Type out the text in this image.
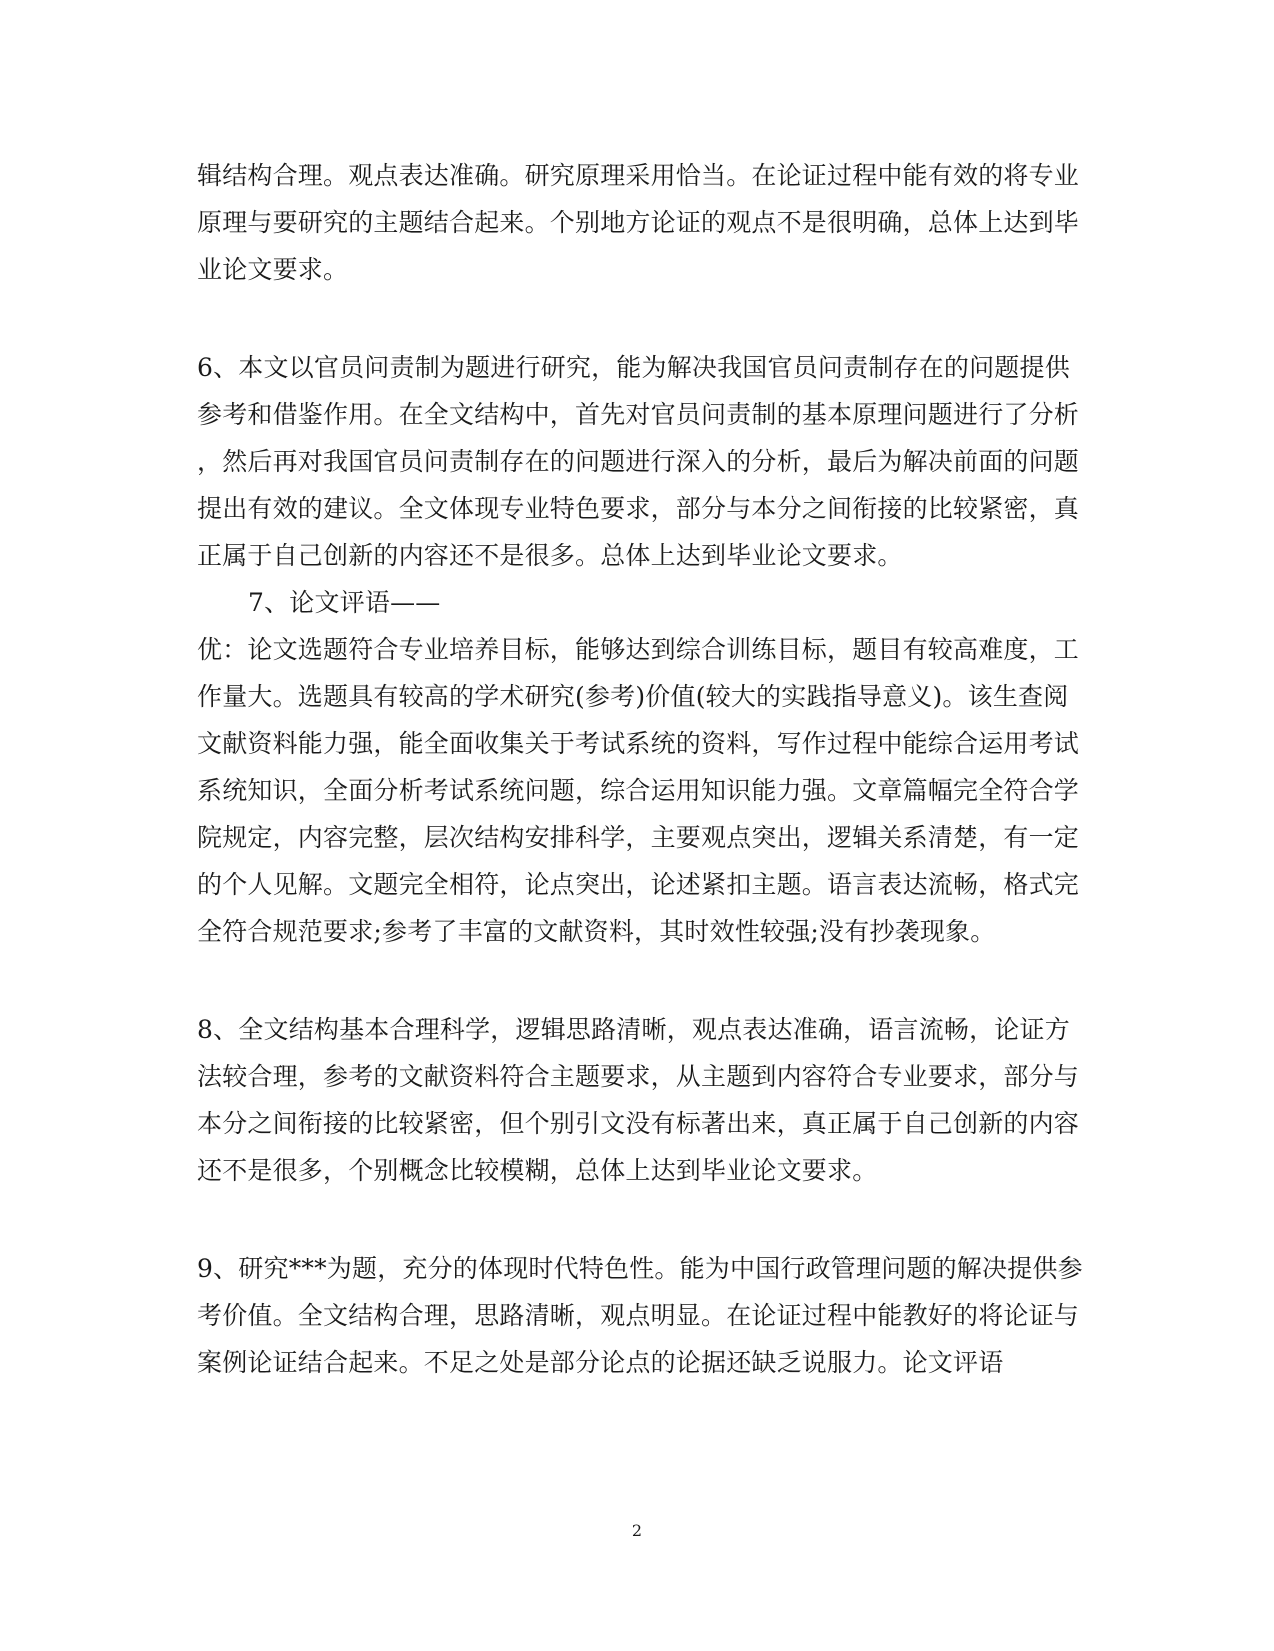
辑结构合理。观点表达准确。研究原理采用恰当。在论证过程中能有效的将专业
原理与要研究的主题结合起来。个别地方论证的观点不是很明确，总体上达到毕
业论文要求。
6、本文以官员问责制为题进行研究，能为解决我国官员问责制存在的问题提供
参考和借鉴作用。在全文结构中，首先对官员问责制的基本原理问题进行了分析
，然后再对我国官员问责制存在的问题进行深入的分析，最后为解决前面的问题
提出有效的建议。全文体现专业特色要求，部分与本分之间衔接的比较紧密，真
正属于自己创新的内容还不是很多。总体上达到毕业论文要求。
7、论文评语——
优：论文选题符合专业培养目标，能够达到综合训练目标，题目有较高难度，工
作量大。选题具有较高的学术研究(参考)价值(较大的实践指导意义)。该生查阅
文献资料能力强，能全面收集关于考试系统的资料，写作过程中能综合运用考试
系统知识，全面分析考试系统问题，综合运用知识能力强。文章篇幅完全符合学
院规定，内容完整，层次结构安排科学，主要观点突出，逻辑关系清楚，有一定
的个人见解。文题完全相符，论点突出，论述紧扣主题。语言表达流畅，格式完
全符合规范要求;参考了丰富的文献资料，其时效性较强;没有抄袭现象。
8、全文结构基本合理科学，逻辑思路清晰，观点表达准确，语言流畅，论证方
法较合理，参考的文献资料符合主题要求，从主题到内容符合专业要求，部分与
本分之间衔接的比较紧密，但个别引文没有标著出来，真正属于自己创新的内容
还不是很多，个别概念比较模糊，总体上达到毕业论文要求。
9、研究***为题，充分的体现时代特色性。能为中国行政管理问题的解决提供参
考价值。全文结构合理，思路清晰，观点明显。在论证过程中能教好的将论证与
案例论证结合起来。不足之处是部分论点的论据还缺乏说服力。论文评语
2
